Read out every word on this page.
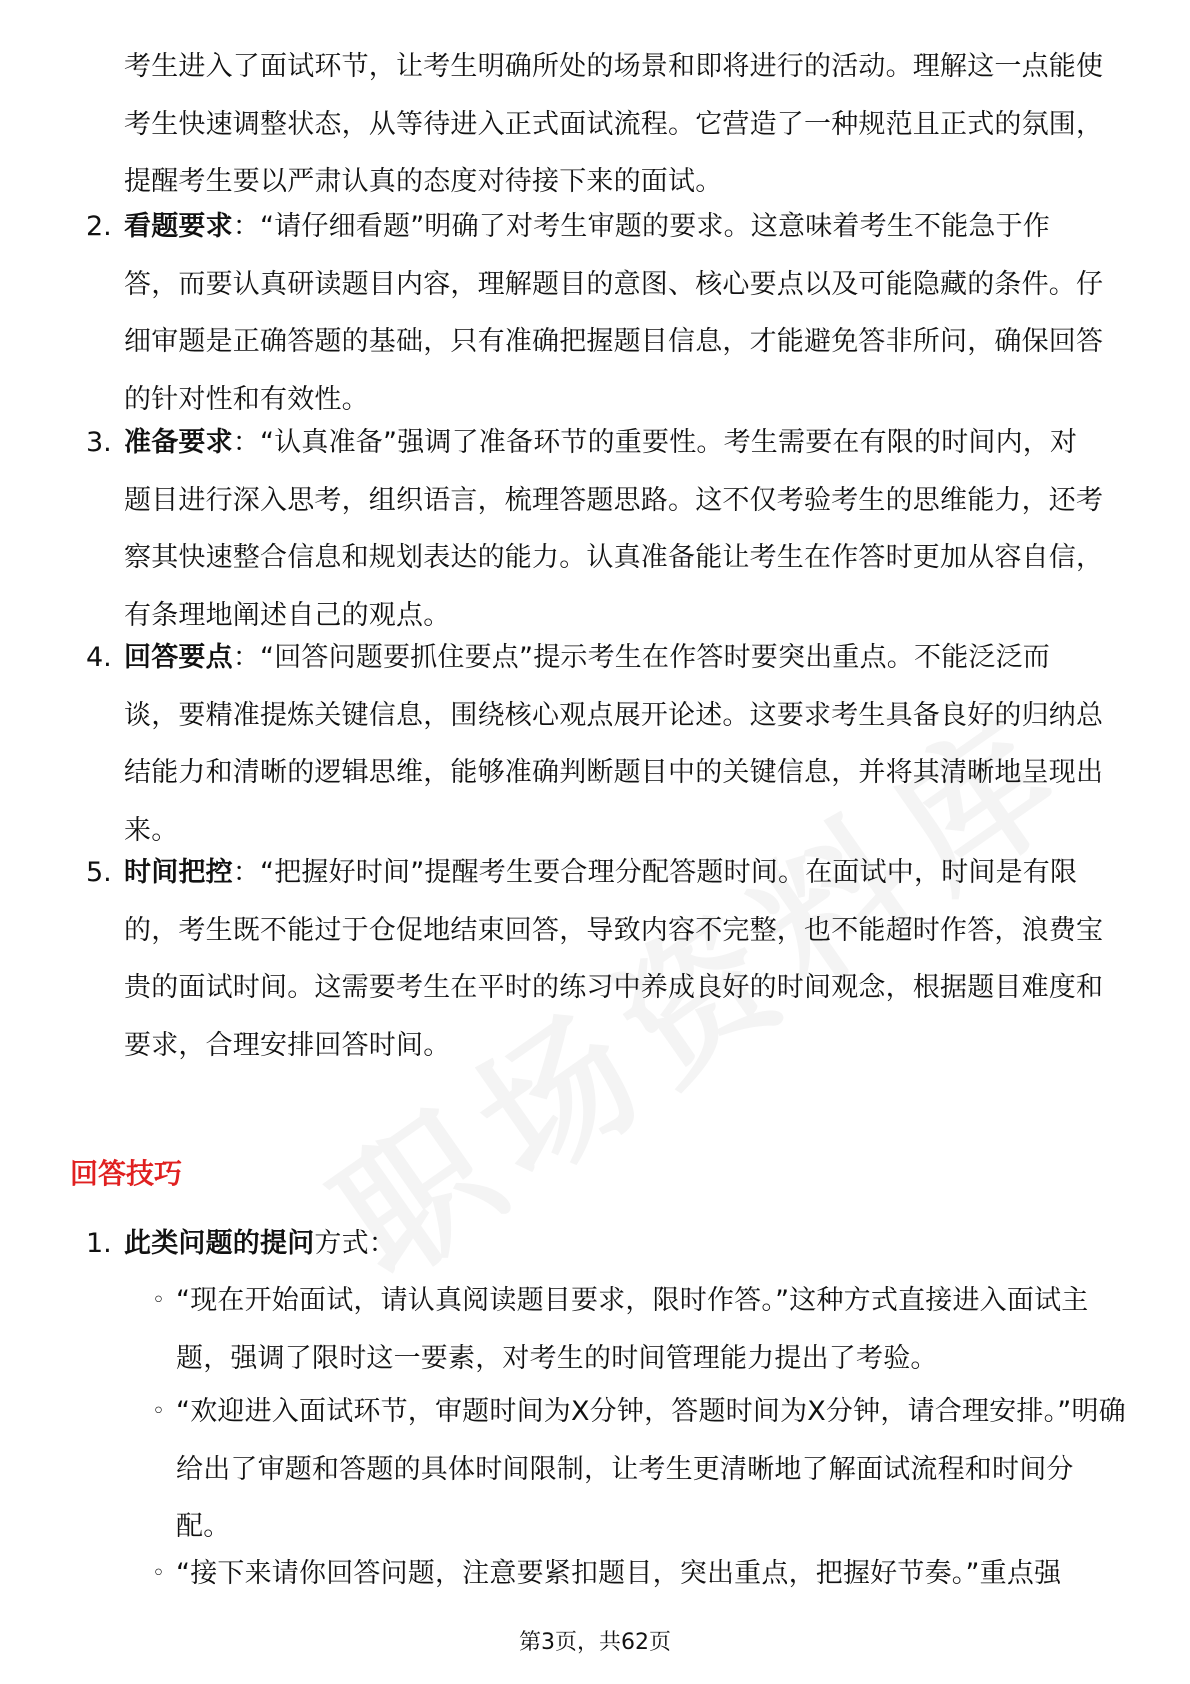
考生进入了面试环节，让考生明确所处的场景和即将进行的活动。理解这一点能使考生快速调整状态，从等待进入正式面试流程。它营造了一种规范且正式的氛围，提醒考生要以严肃认真的态度对待接下来的面试。

2. 看题要求：“请仔细看题”明确了对考生审题的要求。这意味着考生不能急于作答，而要认真研读题目内容，理解题目的意图、核心要点以及可能隐藏的条件。仔细审题是正确答题的基础，只有准确把握题目信息，才能避免答非所问，确保回答的针对性和有效性。
3. 准备要求：“认真准备”强调了准备环节的重要性。考生需要在有限的时间内，对题目进行深入思考，组织语言，梳理答题思路。这不仅考验考生的思维能力，还考察其快速整合信息和规划表达的能力。认真准备能让考生在作答时更加从容自信，有条理地阐述自己的观点。
4. 回答要点：“回答问题要抓住要点”提示考生在作答时要突出重点。不能泛泛而谈，要精准提炼关键信息，围绕核心观点展开论述。这要求考生具备良好的归纳总结能力和清晰的逻辑思维，能够准确判断题目中的关键信息，并将其清晰地呈现出来。
5. 时间把控：“把握好时间”提醒考生要合理分配答题时间。在面试中，时间是有限的，考生既不能过于仓促地结束回答，导致内容不完整，也不能超时作答，浪费宝贵的面试时间。这需要考生在平时的练习中养成良好的时间观念，根据题目难度和要求，合理安排回答时间。
回答技巧
1. 此类问题的提问方式：
◦ “现在开始面试，请认真阅读题目要求，限时作答。”这种方式直接进入面试主题，强调了限时这一要素，对考生的时间管理能力提出了考验。
◦ “欢迎进入面试环节，审题时间为X分钟，答题时间为X分钟，请合理安排。”明确给出了审题和答题的具体时间限制，让考生更清晰地了解面试流程和时间分配。
◦ “接下来请你回答问题，注意要紧扣题目，突出重点，把握好节奏。”重点强
第3页，共62页
